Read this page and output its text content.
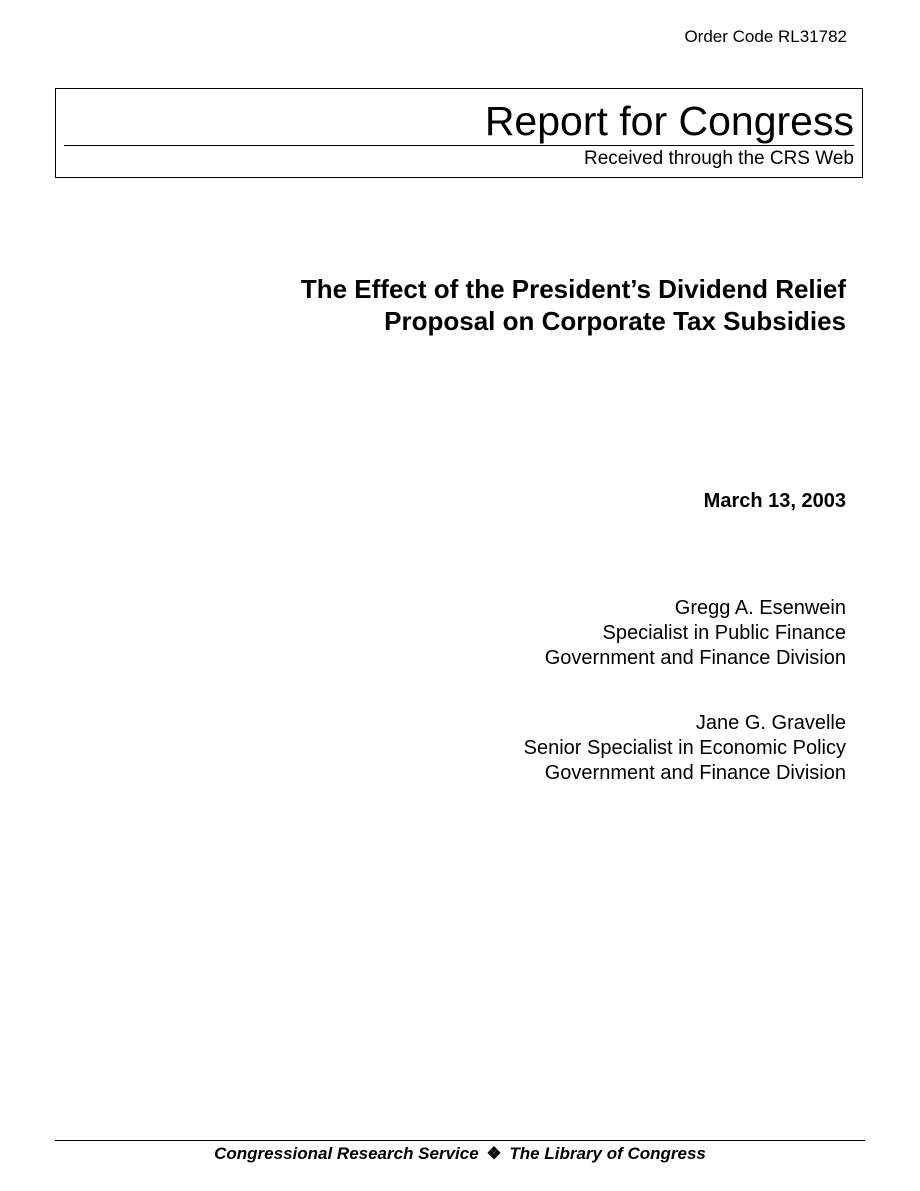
Order Code RL31782
Report for Congress
Received through the CRS Web
The Effect of the President’s Dividend Relief
Proposal on Corporate Tax Subsidies
March 13, 2003
Gregg A. Esenwein
Specialist in Public Finance
Government and Finance Division
Jane G. Gravelle
Senior Specialist in Economic Policy
Government and Finance Division
Congressional Research Service ❖ The Library of Congress
